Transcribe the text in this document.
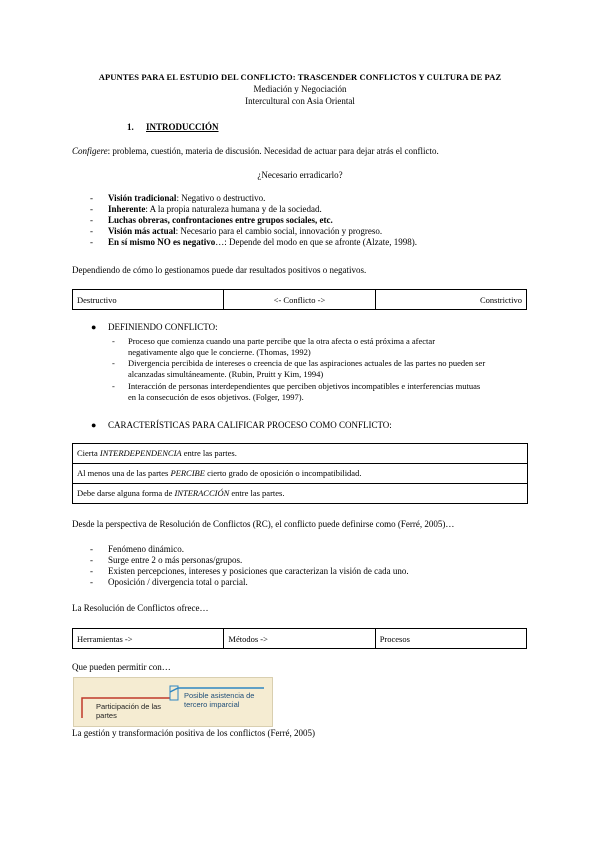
APUNTES PARA EL ESTUDIO DEL CONFLICTO: TRASCENDER CONFLICTOS Y CULTURA DE PAZ
Mediación y Negociación
Intercultural con Asia Oriental
1. INTRODUCCIÓN
Configere: problema, cuestión, materia de discusión. Necesidad de actuar para dejar atrás el conflicto.
¿Necesario erradicarlo?
- Visión tradicional: Negativo o destructivo.
- Inherente: A la propia naturaleza humana y de la sociedad.
- Luchas obreras, confrontaciones entre grupos sociales, etc.
- Visión más actual: Necesario para el cambio social, innovación y progreso.
- En sí mismo NO es negativo…: Depende del modo en que se afronte (Alzate, 1998).
Dependiendo de cómo lo gestionamos puede dar resultados positivos o negativos.
Destructivo	<- Conflicto ->	Constrictivo
● DEFINIENDO CONFLICTO:
- Proceso que comienza cuando una parte percibe que la otra afecta o está próxima a afectar
negativamente algo que le concierne. (Thomas, 1992)
- Divergencia percibida de intereses o creencia de que las aspiraciones actuales de las partes no pueden ser
alcanzadas simultáneamente. (Rubin, Pruitt y Kim, 1994)
- Interacción de personas interdependientes que perciben objetivos incompatibles e interferencias mutuas
en la consecución de esos objetivos. (Folger, 1997).
● CARACTERÍSTICAS PARA CALIFICAR PROCESO COMO CONFLICTO:
Cierta INTERDEPENDENCIA entre las partes.
Al menos una de las partes PERCIBE cierto grado de oposición o incompatibilidad.
Debe darse alguna forma de INTERACCIÓN entre las partes.
Desde la perspectiva de Resolución de Conflictos (RC), el conflicto puede definirse como (Ferré, 2005)…
Fenómeno dinámico.
Surge entre 2 o más personas/grupos.
Existen percepciones, intereses y posiciones que caracterizan la visión de cada uno.
Oposición / divergencia total o parcial.
-
-
-
-
La Resolución de Conflictos ofrece…
Herramientas ->	Métodos ->	Procesos
Que pueden permitir con…
Participación de las partes
Posible asistencia de tercero imparcial
La gestión y transformación positiva de los conflictos (Ferré, 2005)
